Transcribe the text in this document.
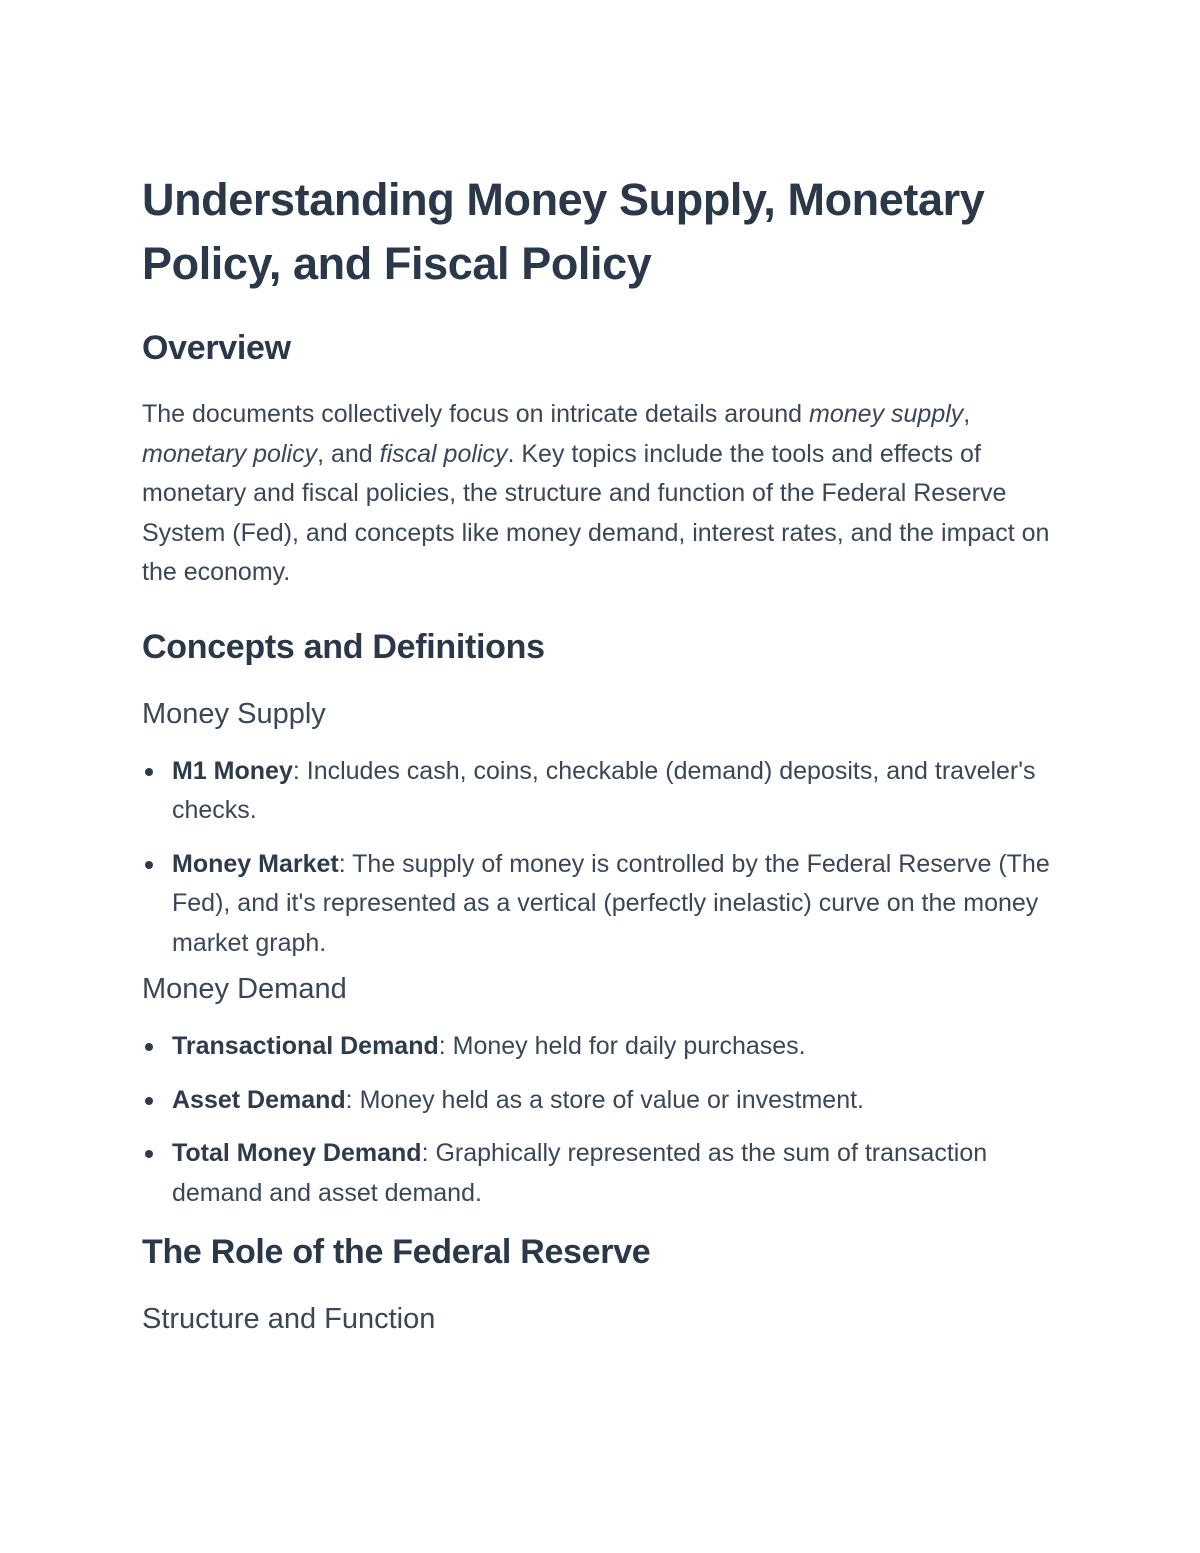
Understanding Money Supply, Monetary Policy, and Fiscal Policy
Overview

The documents collectively focus on intricate details around money supply, monetary policy, and fiscal policy. Key topics include the tools and effects of monetary and fiscal policies, the structure and function of the Federal Reserve System (Fed), and concepts like money demand, interest rates, and the impact on the economy.

Concepts and Definitions
Money Supply
M1 Money: Includes cash, coins, checkable (demand) deposits, and traveler's checks.
Money Market: The supply of money is controlled by the Federal Reserve (The Fed), and it's represented as a vertical (perfectly inelastic) curve on the money market graph.
Money Demand
Transactional Demand: Money held for daily purchases.
Asset Demand: Money held as a store of value or investment.
Total Money Demand: Graphically represented as the sum of transaction demand and asset demand.
The Role of the Federal Reserve
Structure and Function
